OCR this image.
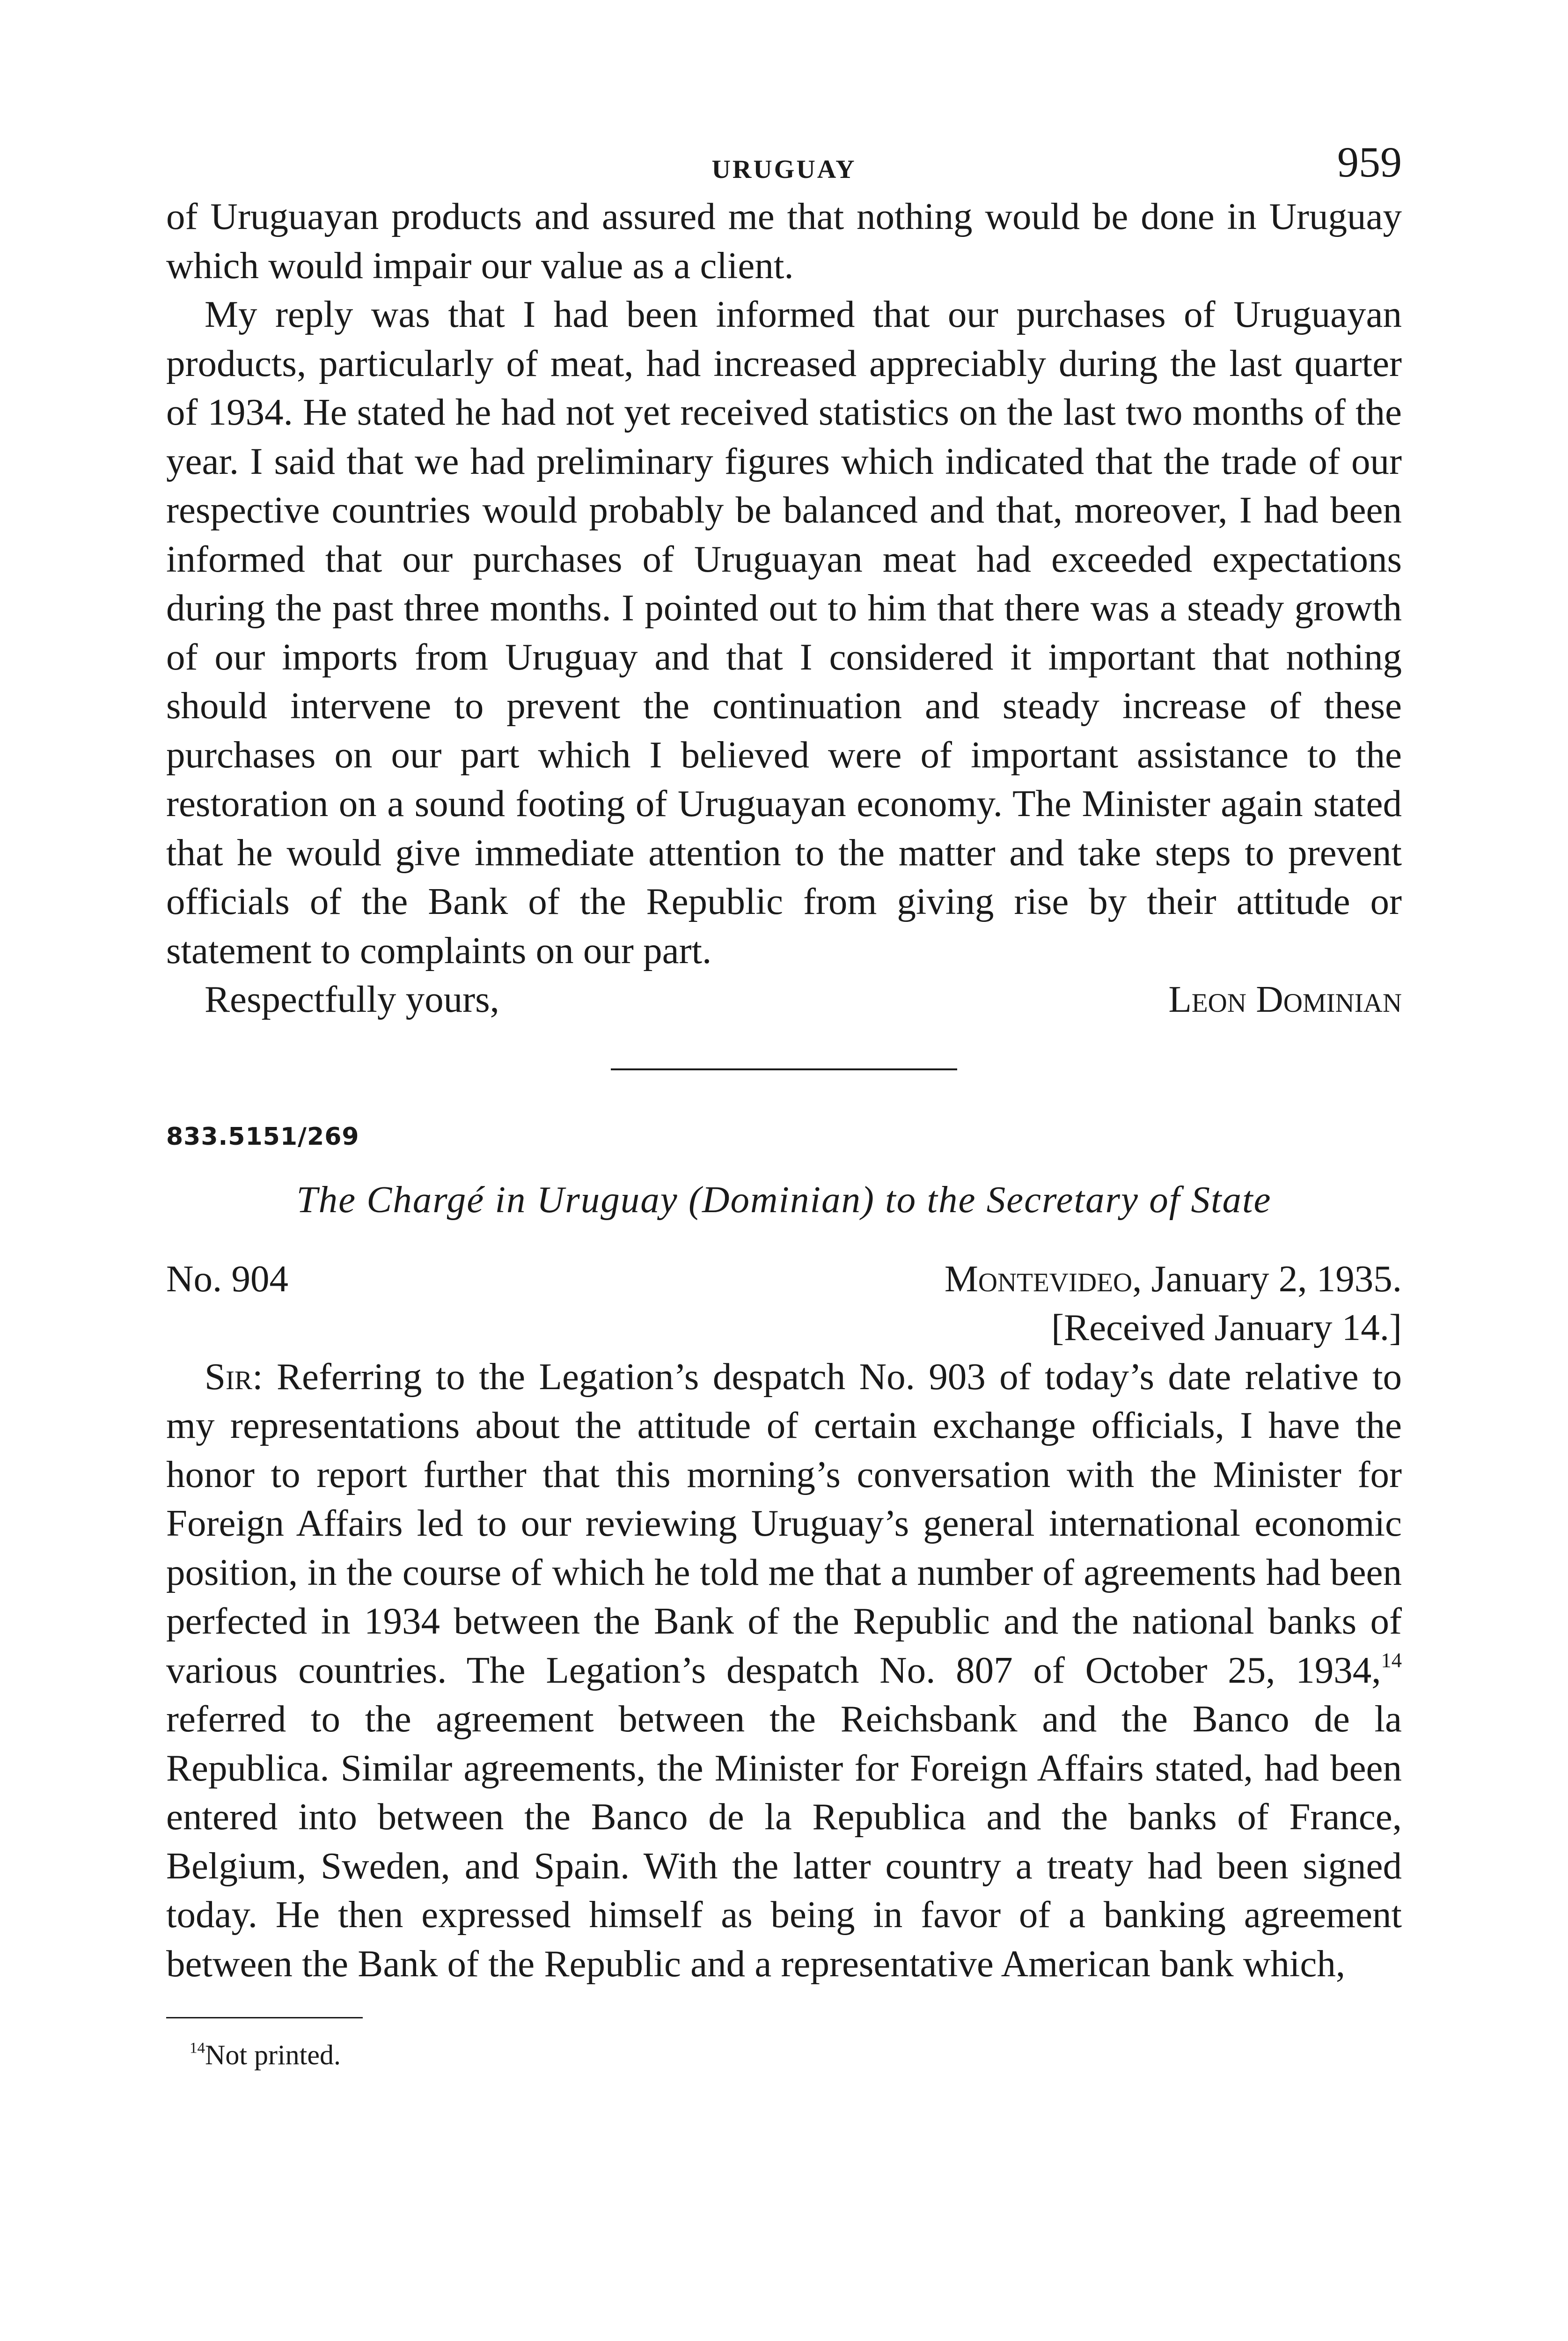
URUGUAY	959

of Uruguayan products and assured me that nothing would be done in Uruguay which would impair our value as a client.

My reply was that I had been informed that our purchases of Uruguayan products, particularly of meat, had increased appreciably during the last quarter of 1934. He stated he had not yet received statistics on the last two months of the year. I said that we had preliminary figures which indicated that the trade of our respective countries would probably be balanced and that, moreover, I had been informed that our purchases of Uruguayan meat had exceeded expectations during the past three months. I pointed out to him that there was a steady growth of our imports from Uruguay and that I considered it important that nothing should intervene to prevent the continuation and steady increase of these purchases on our part which I believed were of important assistance to the restoration on a sound footing of Uruguayan economy. The Minister again stated that he would give immediate attention to the matter and take steps to prevent officials of the Bank of the Republic from giving rise by their attitude or statement to complaints on our part.

Respectfully yours,	Leon Dominian
833.5151/269
The Chargé in Uruguay (Dominian) to the Secretary of State
No. 904	Montevideo, January 2, 1935.
[Received January 14.]

Sir: Referring to the Legation’s despatch No. 903 of today’s date relative to my representations about the attitude of certain exchange officials, I have the honor to report further that this morning’s conversation with the Minister for Foreign Affairs led to our reviewing Uruguay’s general international economic position, in the course of which he told me that a number of agreements had been perfected in 1934 between the Bank of the Republic and the national banks of various countries. The Legation’s despatch No. 807 of October 25, 1934,14 referred to the agreement between the Reichsbank and the Banco de la Republica. Similar agreements, the Minister for Foreign Affairs stated, had been entered into between the Banco de la Republica and the banks of France, Belgium, Sweden, and Spain. With the latter country a treaty had been signed today. He then expressed himself as being in favor of a banking agreement between the Bank of the Republic and a representative American bank which,

$^{14}$Not printed.
